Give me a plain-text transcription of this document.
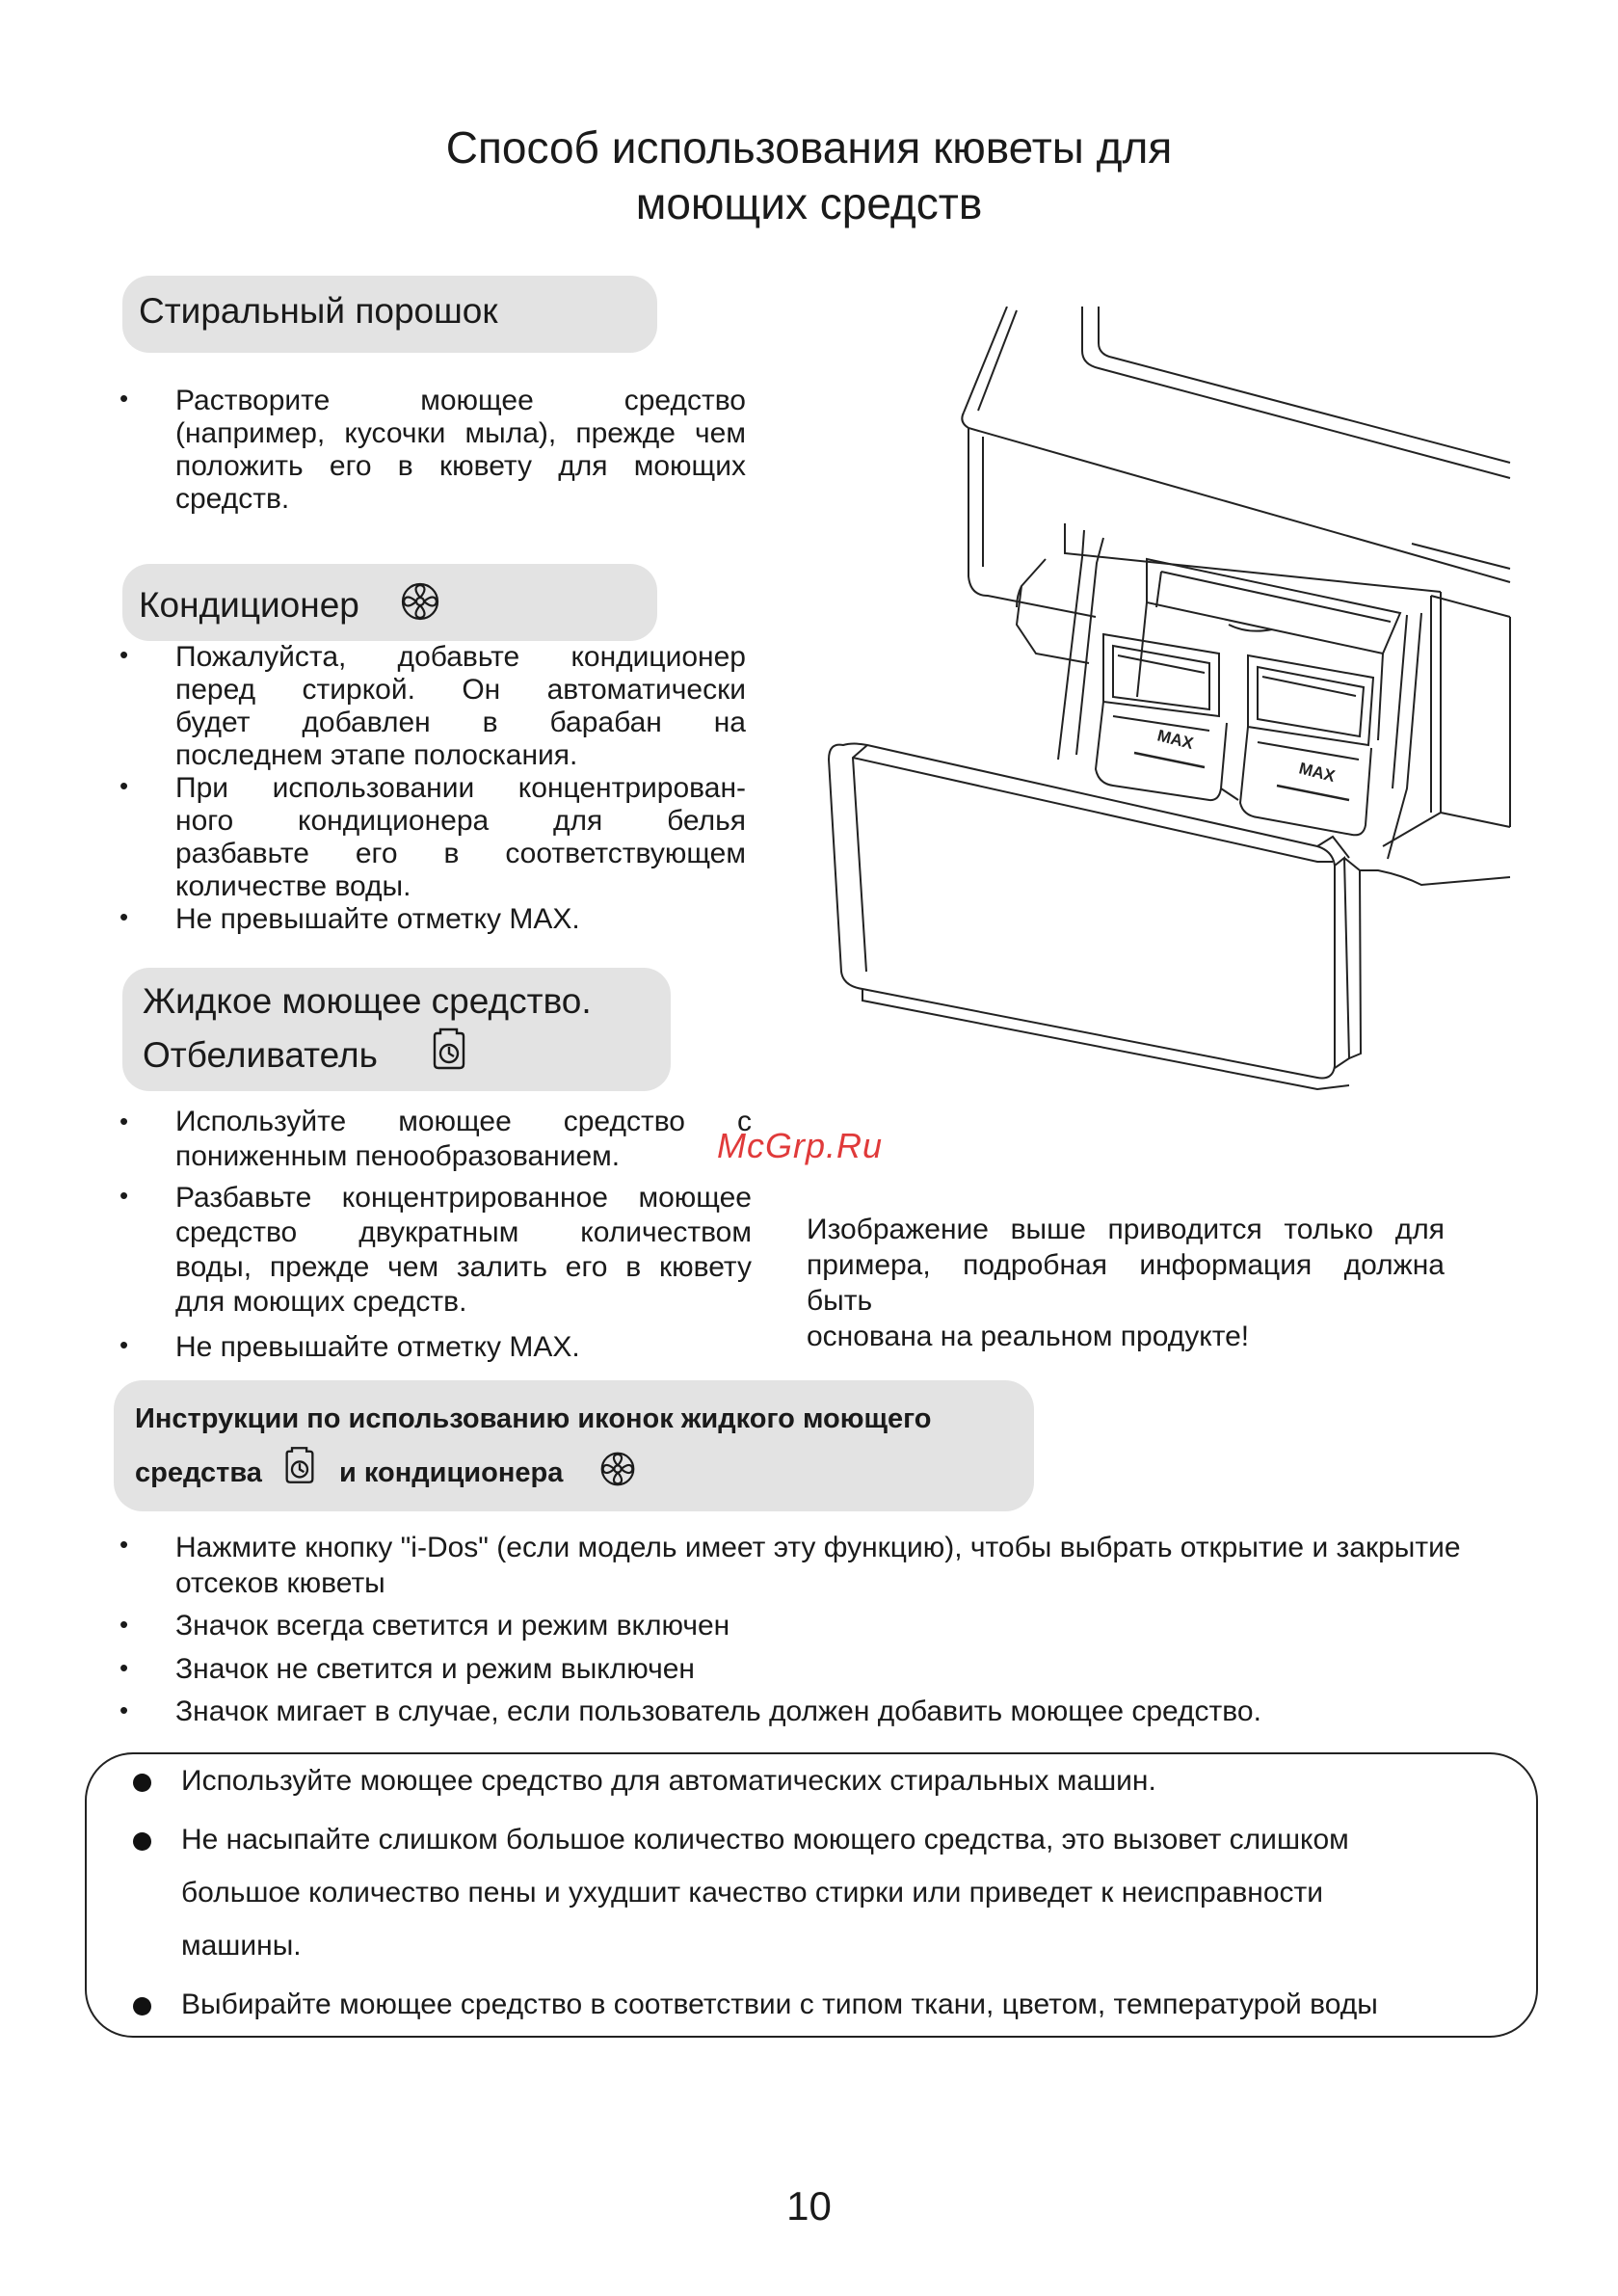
Способ использования кюветы для
моющих средств
Стиральный порошок
• Растворите моющее средство
(например, кусочки мыла), прежде чем
положить его в кювету для моющих
средств.
Кондиционер
• Пожалуйста, добавьте кондиционер
перед стиркой. Он автоматически
будет добавлен в барабан на
последнем этапе полоскания.
• При использовании концентрирован-
ного кондиционера для белья
разбавьте его в соответствующем
количестве воды.
• Не превышайте отметку MAX.
Жидкое моющее средство.
Отбеливатель
• Используйте моющее средство с
пониженным пенообразованием.
• Разбавьте концентрированное моющее
средство двукратным количеством
воды, прежде чем залить его в кювету
для моющих средств.
• Не превышайте отметку MAX.
McGrp.Ru
MAX
MAX
Изображение выше приводится только для
примера, подробная информация должна быть
основана на реальном продукте!
Инструкции по использованию иконок жидкого моющего
средства	и кондиционера
• Нажмите кнопку "i-Dos" (если модель имеет эту функцию), чтобы выбрать открытие и закрытие
отсеков кюветы
• Значок всегда светится и режим включен
• Значок не светится и режим выключен
• Значок мигает в случае, если пользователь должен добавить моющее средство.
Используйте моющее средство для автоматических стиральных машин.
Не насыпайте слишком большое количество моющего средства, это вызовет слишком
большое количество пены и ухудшит качество стирки или приведет к неисправности
машины.
Выбирайте моющее средство в соответствии с типом ткани, цветом, температурой воды
10
